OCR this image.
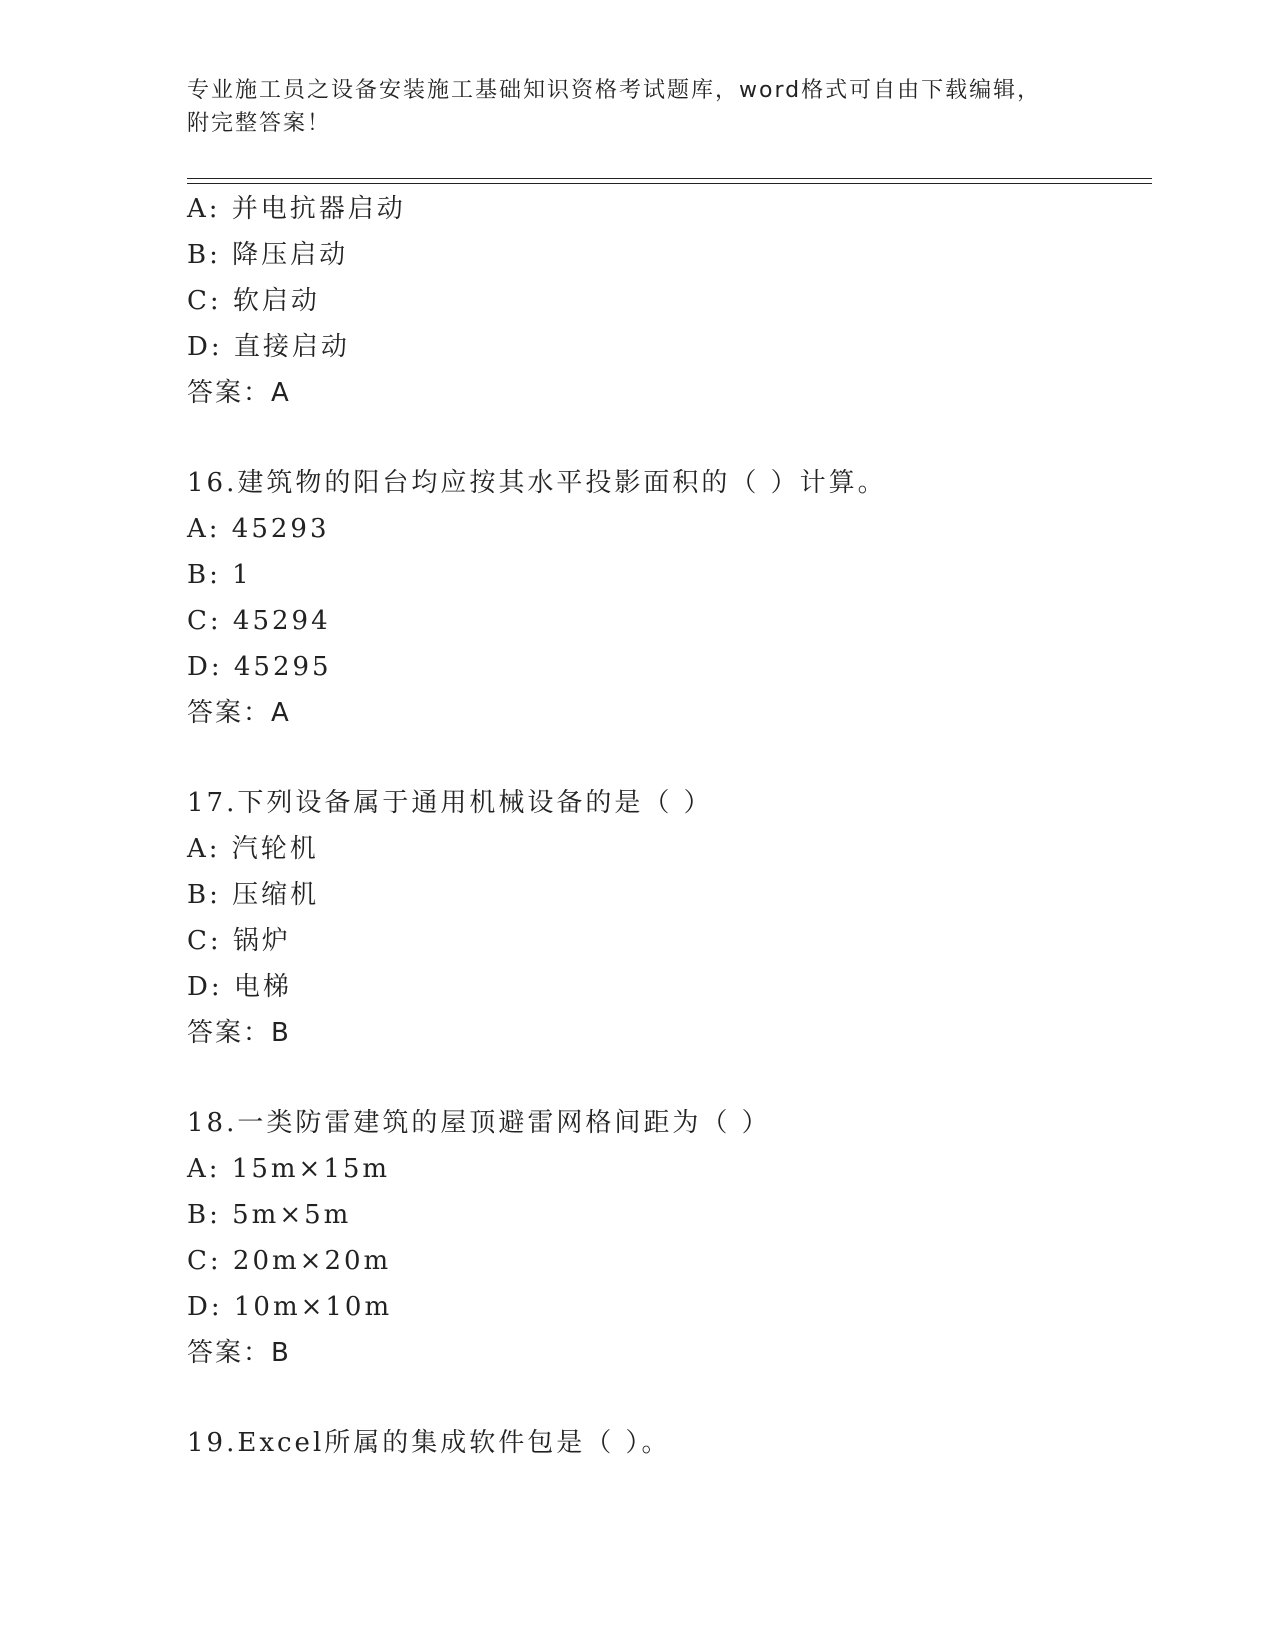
专业施工员之设备安装施工基础知识资格考试题库，word格式可自由下载编辑，
附完整答案！
A: 并电抗器启动
B: 降压启动
C: 软启动
D: 直接启动
答案：A
16.建筑物的阳台均应按其水平投影面积的（ ）计算。
A: 45293
B: 1
C: 45294
D: 45295
答案：A
17.下列设备属于通用机械设备的是（ ）
A: 汽轮机
B: 压缩机
C: 锅炉
D: 电梯
答案：B
18.一类防雷建筑的屋顶避雷网格间距为（ ）
A: 15m×15m
B: 5m×5m
C: 20m×20m
D: 10m×10m
答案：B
19.Excel所属的集成软件包是（ ）。
